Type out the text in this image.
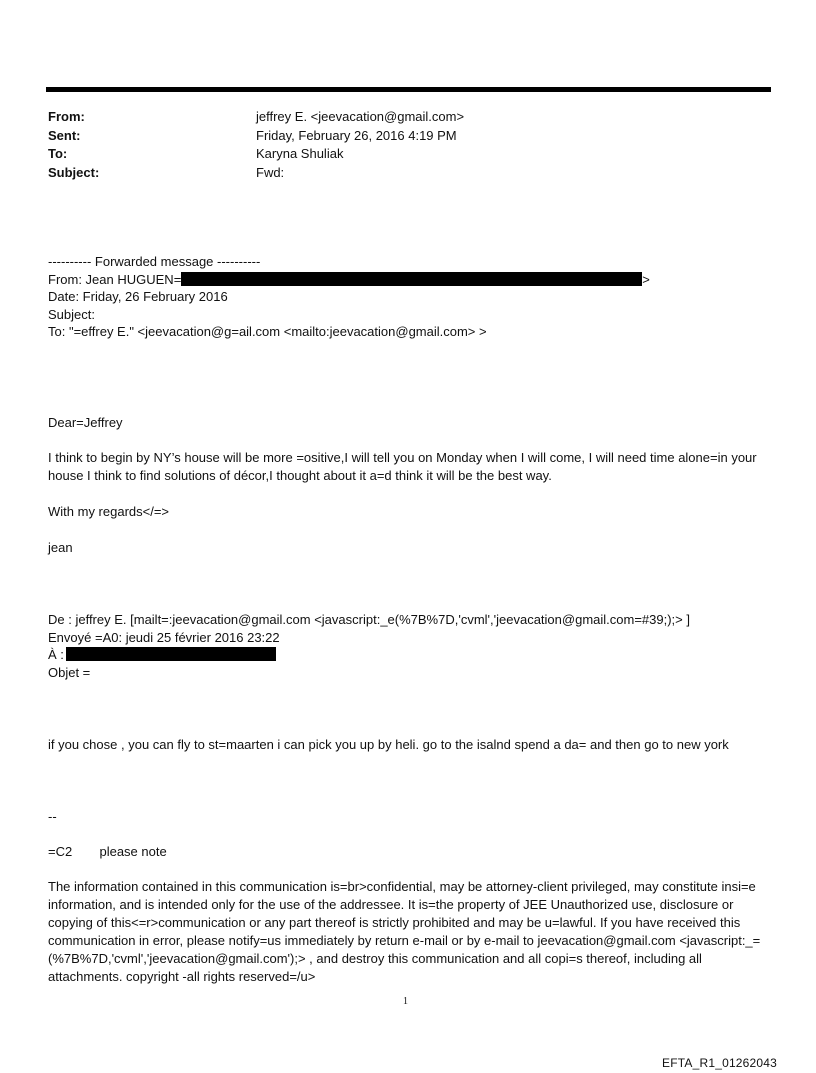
From:	jeffrey E. <jeevacation@gmail.com>
Sent:	Friday, February 26, 2016 4:19 PM
To:	Karyna Shuliak
Subject:	Fwd:
---------- Forwarded message ----------
From: Jean HUGUEN=	>
Date: Friday, 26 February 2016
Subject:
To: "=effrey E." <jeevacation@g=ail.com <mailto:jeevacation@gmail.com> >
Dear=Jeffrey
I think to begin by NY’s house will be more =ositive,I will tell you on Monday when I will come, I will need time alone=in your house I think to find solutions of décor,I thought about it a=d think it will be the best way.
With my regards</=>
jean
De : jeffrey E. [mailt=:jeevacation@gmail.com <javascript:_e(%7B%7D,'cvml','jeevacation@gmail.com=#39;);> ]
Envoyé =A0: jeudi 25 février 2016 23:22
À :
Objet =
if you chose , you can fly to st=maarten i can pick you up by heli. go to the isalnd spend a da= and then go to new york
--
=C2 please note
The information contained in this communication is=br>confidential, may be attorney-client privileged, may constitute insi=e information, and is intended only for the use of the addressee. It is=the property of JEE Unauthorized use, disclosure or copying of this<=r>communication or any part thereof is strictly prohibited and may be u=lawful. If you have received this communication in error, please notify=us immediately by return e-mail or by e-mail to jeevacation@gmail.com <javascript:_=(%7B%7D,'cvml','jeevacation@gmail.com');> , and destroy this communication and all copi=s thereof, including all attachments. copyright -all rights reserved=/u>
1
EFTA_R1_01262043
